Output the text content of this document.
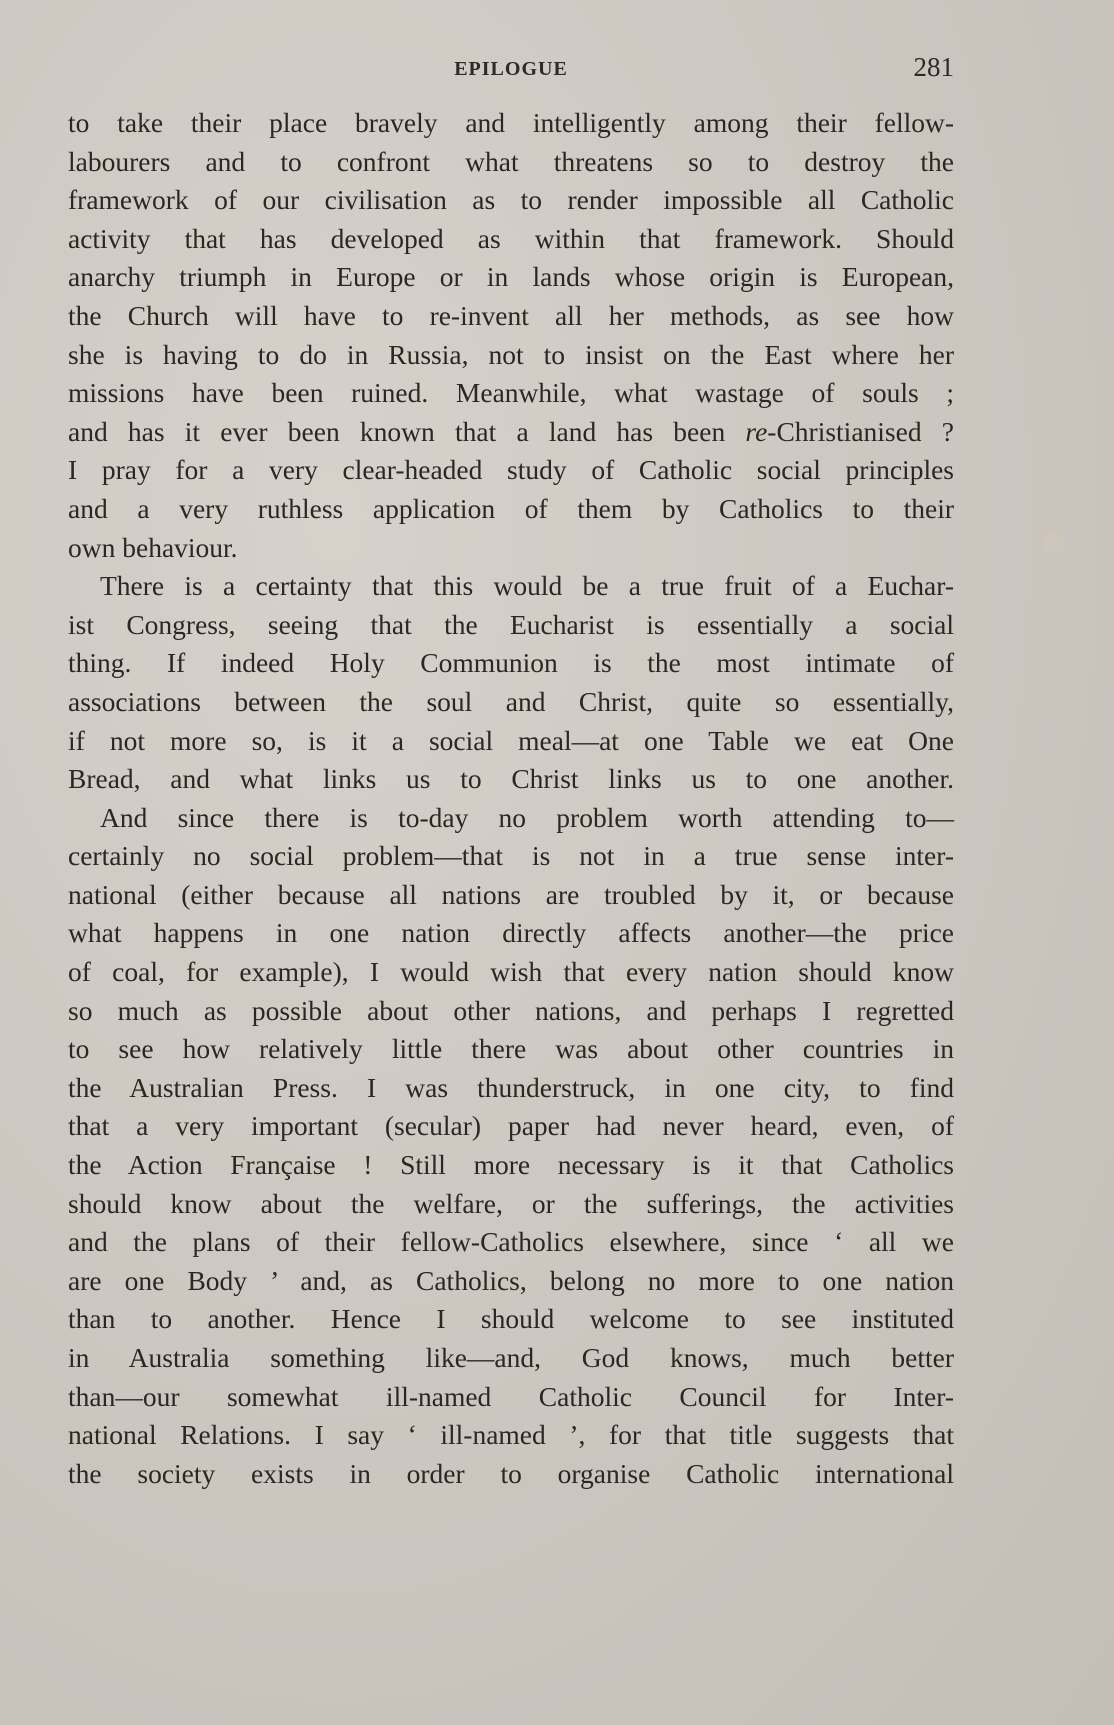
EPILOGUE	281
to take their place bravely and intelligently among their fellow-
labourers and to confront what threatens so to destroy the
framework of our civilisation as to render impossible all Catholic
activity that has developed as within that framework. Should
anarchy triumph in Europe or in lands whose origin is European,
the Church will have to re-invent all her methods, as see how
she is having to do in Russia, not to insist on the East where her
missions have been ruined. Meanwhile, what wastage of souls ;
and has it ever been known that a land has been re-Christianised ?
I pray for a very clear-headed study of Catholic social principles
and a very ruthless application of them by Catholics to their
own behaviour.
There is a certainty that this would be a true fruit of a Euchar-
ist Congress, seeing that the Eucharist is essentially a social
thing. If indeed Holy Communion is the most intimate of
associations between the soul and Christ, quite so essentially,
if not more so, is it a social meal—at one Table we eat One
Bread, and what links us to Christ links us to one another.
And since there is to-day no problem worth attending to—
certainly no social problem—that is not in a true sense inter-
national (either because all nations are troubled by it, or because
what happens in one nation directly affects another—the price
of coal, for example), I would wish that every nation should know
so much as possible about other nations, and perhaps I regretted
to see how relatively little there was about other countries in
the Australian Press. I was thunderstruck, in one city, to find
that a very important (secular) paper had never heard, even, of
the Action Française ! Still more necessary is it that Catholics
should know about the welfare, or the sufferings, the activities
and the plans of their fellow-Catholics elsewhere, since ‘ all we
are one Body ’ and, as Catholics, belong no more to one nation
than to another. Hence I should welcome to see instituted
in Australia something like—and, God knows, much better
than—our somewhat ill-named Catholic Council for Inter-
national Relations. I say ‘ ill-named ’, for that title suggests that
the society exists in order to organise Catholic international
